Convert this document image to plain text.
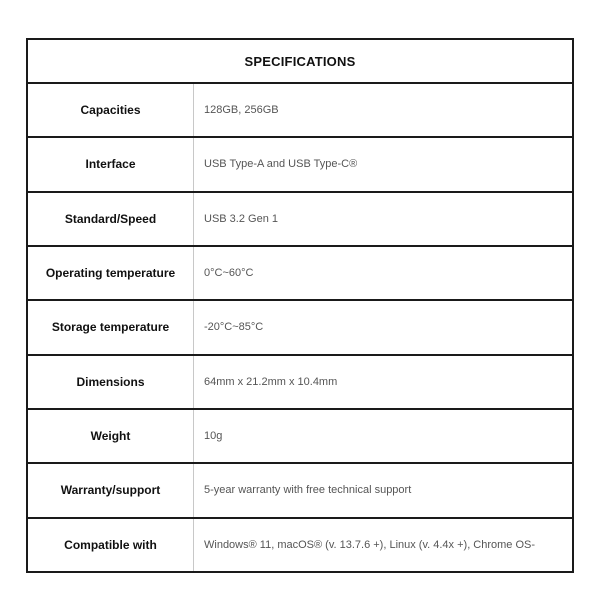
SPECIFICATIONS
Capacities	128GB, 256GB
Interface	USB Type-A and USB Type-C®
Standard/Speed	USB 3.2 Gen 1
Operating temperature	0°C~60°C
Storage temperature	-20°C~85°C
Dimensions	64mm x 21.2mm x 10.4mm
Weight	10g
Warranty/support	5-year warranty with free technical support
Compatible with	Windows® 11, macOS® (v. 13.7.6 +), Linux (v. 4.4x +), Chrome OS-
